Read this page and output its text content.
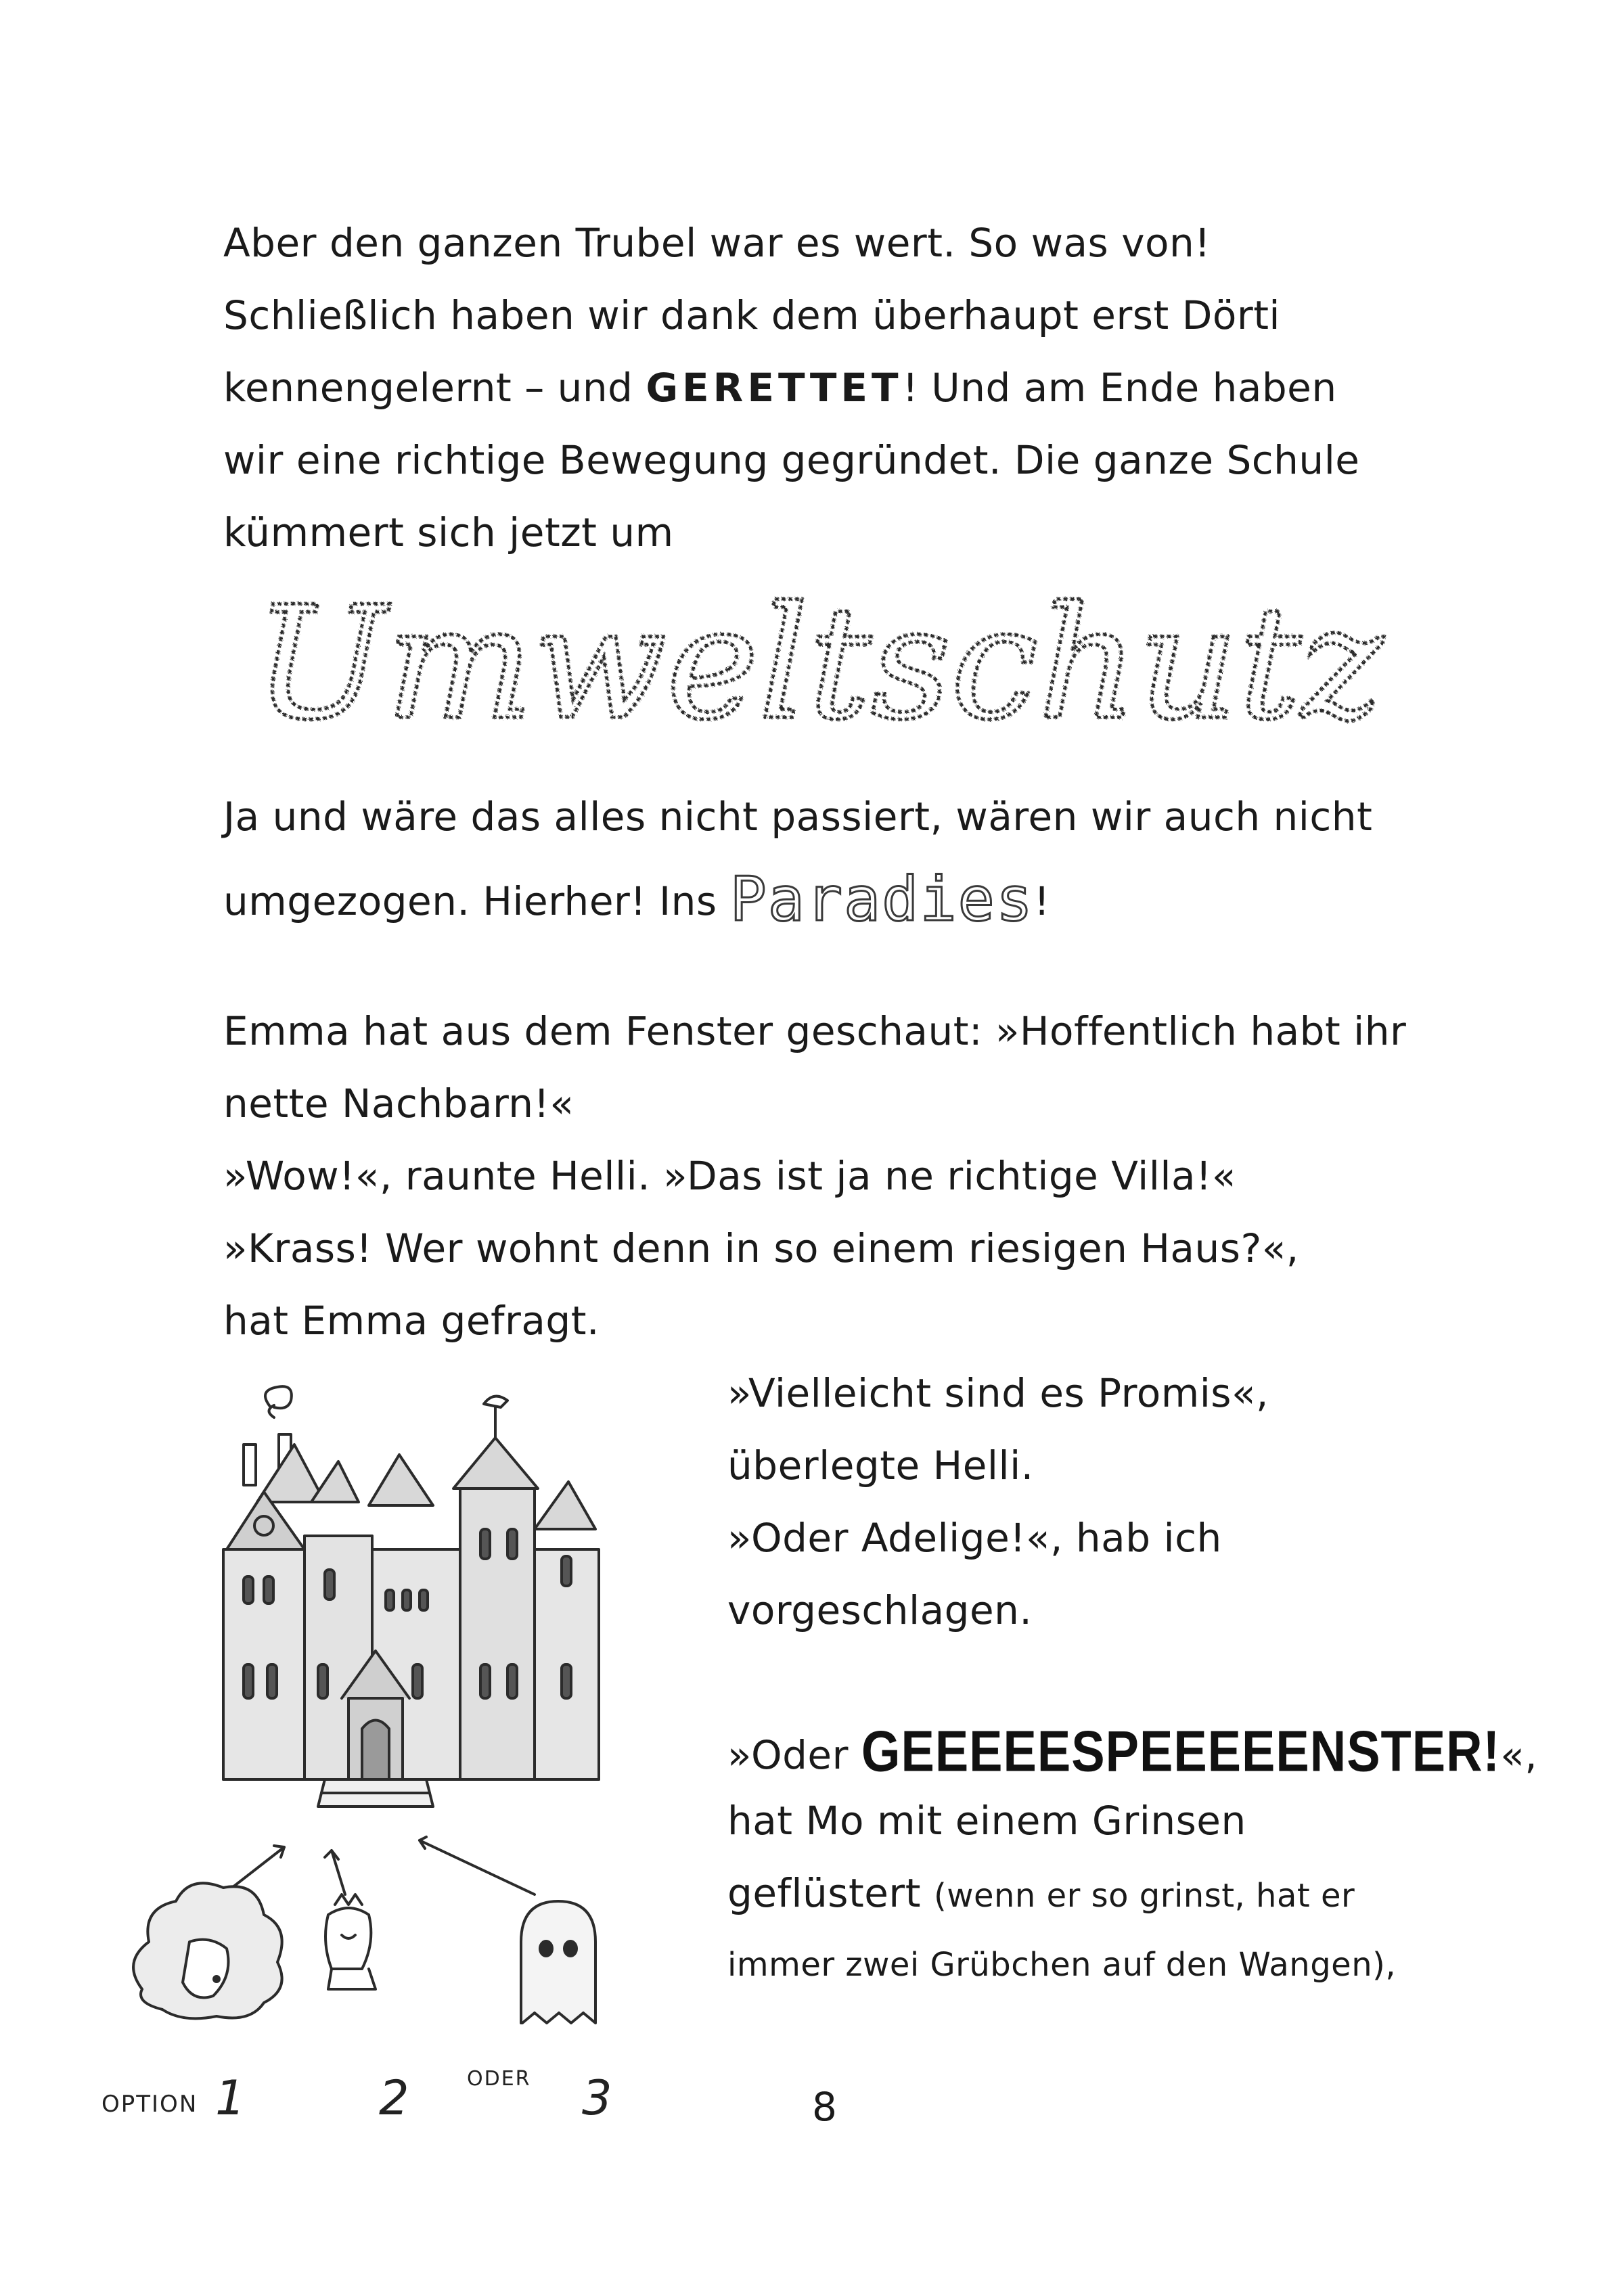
Aber den ganzen Trubel war es wert. So was von!
Schließlich haben wir dank dem überhaupt erst Dörti
kennengelernt – und GERETTET! Und am Ende haben
wir eine richtige Bewegung gegründet. Die ganze Schule
kümmert sich jetzt um
Umweltschutz
Ja und wäre das alles nicht passiert, wären wir auch nicht
umgezogen. Hierher! Ins Paradies!
Emma hat aus dem Fenster geschaut: »Hoffentlich habt ihr
nette Nachbarn!«
»Wow!«, raunte Helli. »Das ist ja ne richtige Villa!«
»Krass! Wer wohnt denn in so einem riesigen Haus?«,
hat Emma gefragt.
»Vielleicht sind es Promis«,
überlegte Helli.
»Oder Adelige!«, hab ich
vorgeschlagen.
»Oder GEEEEESPEEEEENSTER!«,
hat Mo mit einem Grinsen
geflüstert (wenn er so grinst, hat er
immer zwei Grübchen auf den Wangen),
OPTION 1	2	ODER 3	8
